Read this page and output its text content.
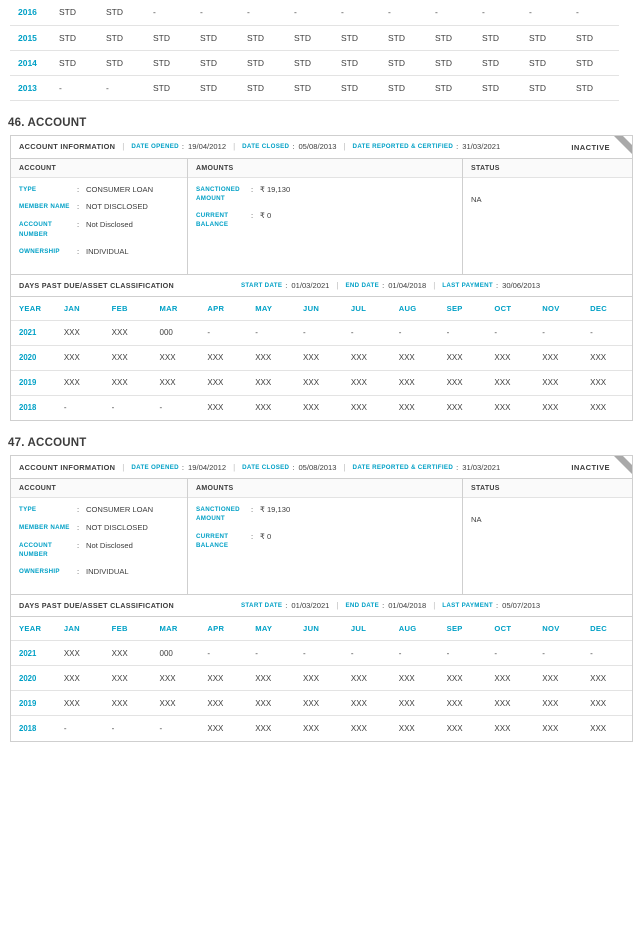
2016	STD	STD	-	-	-	-	-	-	-	-	-	-
2015	STD	STD	STD	STD	STD	STD	STD	STD	STD	STD	STD	STD
2014	STD	STD	STD	STD	STD	STD	STD	STD	STD	STD	STD	STD
2013	-	-	STD	STD	STD	STD	STD	STD	STD	STD	STD	STD
46. ACCOUNT
ACCOUNT INFORMATION | DATE OPENED : 19/04/2012 | DATE CLOSED : 05/08/2013 | DATE REPORTED & CERTIFIED : 31/03/2021	INACTIVE
ACCOUNT
TYPE	: CONSUMER LOAN
MEMBER NAME : NOT DISCLOSED
ACCOUNT NUMBER
: Not Disclosed
OWNERSHIP	: INDIVIDUAL
AMOUNTS
SANCTIONED AMOUNT
: ₹ 19,130
CURRENT BALANCE
: ₹ 0
STATUS
NA
DAYS PAST DUE/ASSET CLASSIFICATION	START DATE : 01/03/2021 | END DATE : 01/04/2018 | LAST PAYMENT : 30/06/2013
YEAR	JAN	FEB	MAR	APR	MAY	JUN	JUL	AUG	SEP	OCT	NOV	DEC
2021	XXX	XXX	000	-	-	-	-	-	-	-	-	-
2020	XXX	XXX	XXX	XXX	XXX	XXX	XXX	XXX	XXX	XXX	XXX	XXX
2019	XXX	XXX	XXX	XXX	XXX	XXX	XXX	XXX	XXX	XXX	XXX	XXX
2018	-	-	-	XXX	XXX	XXX	XXX	XXX	XXX	XXX	XXX	XXX
47. ACCOUNT
ACCOUNT INFORMATION | DATE OPENED : 19/04/2012 | DATE CLOSED : 05/08/2013 | DATE REPORTED & CERTIFIED : 31/03/2021	INACTIVE
ACCOUNT
TYPE	: CONSUMER LOAN
MEMBER NAME : NOT DISCLOSED
ACCOUNT NUMBER
: Not Disclosed
OWNERSHIP	: INDIVIDUAL
AMOUNTS
SANCTIONED AMOUNT
: ₹ 19,130
CURRENT BALANCE
: ₹ 0
STATUS
NA
DAYS PAST DUE/ASSET CLASSIFICATION	START DATE : 01/03/2021 | END DATE : 01/04/2018 | LAST PAYMENT : 05/07/2013
YEAR	JAN	FEB	MAR	APR	MAY	JUN	JUL	AUG	SEP	OCT	NOV	DEC
2021	XXX	XXX	000	-	-	-	-	-	-	-	-	-
2020	XXX	XXX	XXX	XXX	XXX	XXX	XXX	XXX	XXX	XXX	XXX	XXX
2019	XXX	XXX	XXX	XXX	XXX	XXX	XXX	XXX	XXX	XXX	XXX	XXX
2018	-	-	-	XXX	XXX	XXX	XXX	XXX	XXX	XXX	XXX	XXX
